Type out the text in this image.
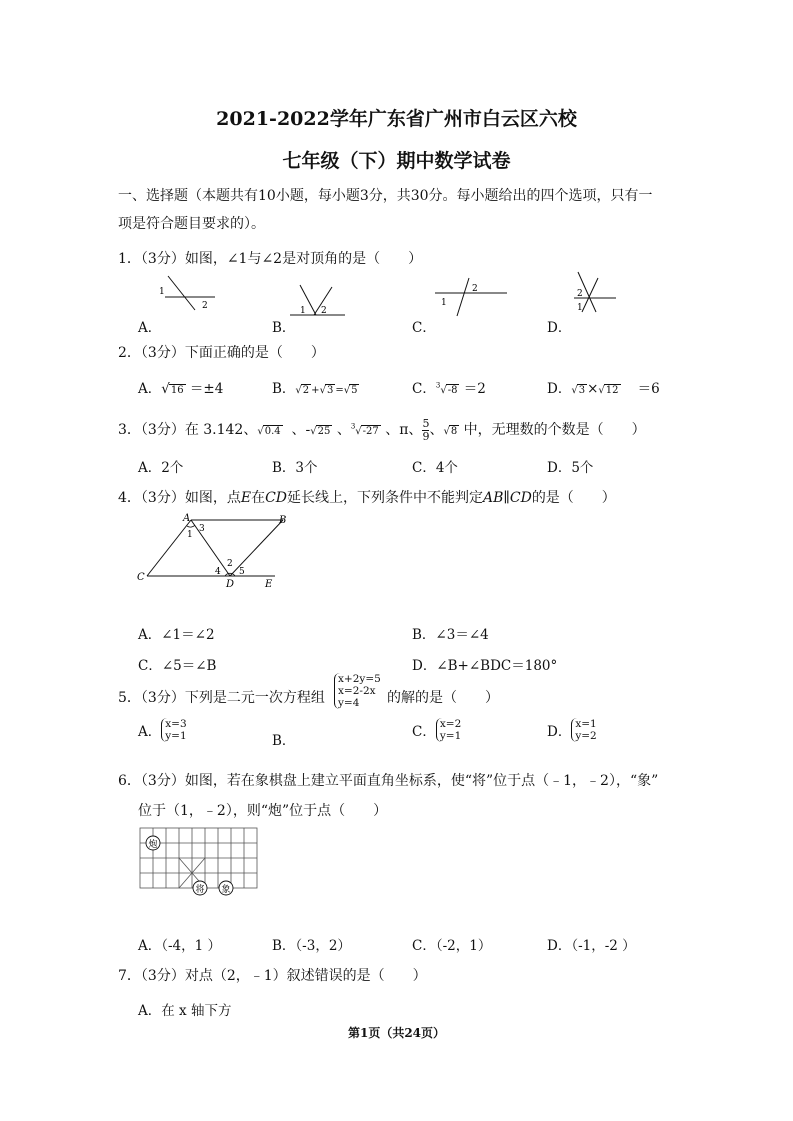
2021-2022学年广东省广州市白云区六校
七年级（下）期中数学试卷
一、选择题（本题共有10小题，每小题3分，共30分。每小题给出的四个选项，只有一
项是符合题目要求的）。
1．（3分）如图，∠1与∠2是对顶角的是（　　）
1
2	1 2
1
2	2
1
A．	B．	C．	D．
2．（3分）下面正确的是（　　）
A．√16 ＝±4	B．√2 +√3 =√5	C．$^3$√-8 ＝2	D．√3 ×√12 ＝6
3．（3分）在 3.142、√0.4 、-√25 、$^3$√-27 、π、 $\frac{5}{9}$ 、√8 中，无理数的个数是（　　）
A．2个	B．3个	C．4个	D．5个
4．（3分）如图，点E在CD延长线上，下列条件中不能判定AB∥CD的是（　　）
A	B
C
D	E
1
3
2
4 5
A．∠1＝∠2	B．∠3＝∠4
C．∠5＝∠B	D．∠B+∠BDC＝180°
5．（3分）下列是二元一次方程组
x+2y=5
x=2-2x
y=4	的解的是（　　）
A．
x=3
y=1	B．
C．
x=2
y=1	D．
x=1
y=2
6．（3分）如图，若在象棋盘上建立平面直角坐标系，使“将”位于点（﹣1，﹣2），“象”
位于（1，﹣2），则“炮”位于点（　　）
炮
将 象
A．（-4，1 ）	B．（-3，2）	C．（-2，1）	D．（-1，-2 ）
7．（3分）对点（2，﹣1）叙述错误的是（　　）
A．在 x 轴下方
第1页（共24页）
